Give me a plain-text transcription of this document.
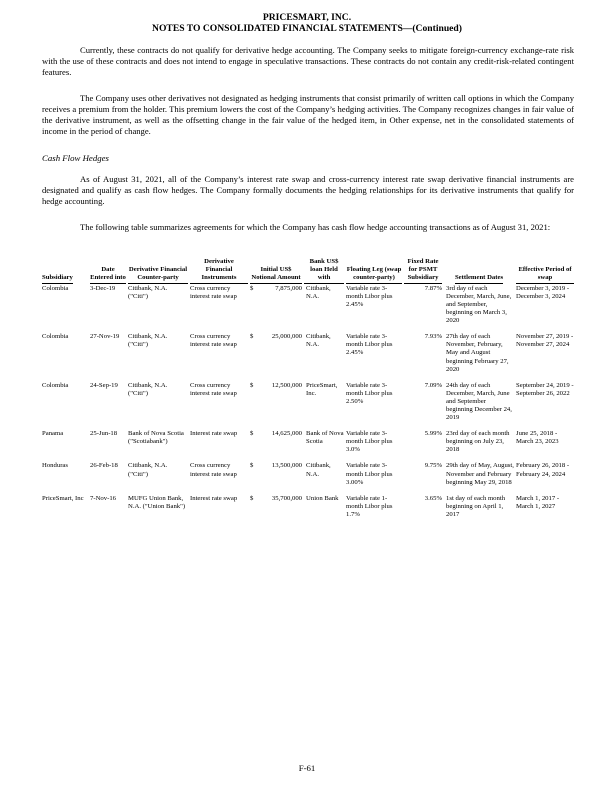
PRICESMART, INC.
NOTES TO CONSOLIDATED FINANCIAL STATEMENTS—(Continued)

Currently, these contracts do not qualify for derivative hedge accounting. The Company seeks to mitigate foreign-currency exchange-rate risk with the use of these contracts and does not intend to engage in speculative transactions. These contracts do not contain any credit-risk-related contingent features.

The Company uses other derivatives not designated as hedging instruments that consist primarily of written call options in which the Company receives a premium from the holder. This premium lowers the cost of the Company’s hedging activities. The Company recognizes changes in fair value of the derivative instrument, as well as the offsetting change in the fair value of the hedged item, in Other expense, net in the consolidated statements of income in the period of change.

Cash Flow Hedges

As of August 31, 2021, all of the Company’s interest rate swap and cross-currency interest rate swap derivative financial instruments are designated and qualify as cash flow hedges. The Company formally documents the hedging relationships for its derivative instruments that qualify for hedge accounting.

The following table summarizes agreements for which the Company has cash flow hedge accounting transactions as of August 31, 2021:

Subsidiary	Date Entered into	Derivative Financial Counter-party	Derivative Financial Instruments	Initial US$ Notional Amount		Bank US$ loan Held with	Floating Leg (swap counter-party)	Fixed Rate for PSMT Subsidiary	Settlement Dates	Effective Period of swap
Colombia	3-Dec-19	Citibank, N.A. ("Citi")	Cross currency interest rate swap	$	7,875,000	Citibank, N.A.	Variable rate 3-month Libor plus 2.45%	7.87%	3rd day of each December, March, June, and September, beginning on March 3, 2020	December 3, 2019 - December 3, 2024
Colombia	27-Nov-19	Citibank, N.A. ("Citi")	Cross currency interest rate swap	$	25,000,000	Citibank, N.A.	Variable rate 3-month Libor plus 2.45%	7.93%	27th day of each November, February, May and August beginning February 27, 2020	November 27, 2019 - November 27, 2024
Colombia	24-Sep-19	Citibank, N.A. ("Citi")	Cross currency interest rate swap	$	12,500,000	PriceSmart, Inc.	Variable rate 3-month Libor plus 2.50%	7.09%	24th day of each December, March, June and September beginning December 24, 2019	September 24, 2019 - September 26, 2022
Panama	25-Jun-18	Bank of Nova Scotia ("Scotiabank")	Interest rate swap	$	14,625,000	Bank of Nova Scotia	Variable rate 3-month Libor plus 3.0%	5.99%	23rd day of each month beginning on July 23, 2018	June 25, 2018 - March 23, 2023
Honduras	26-Feb-18	Citibank, N.A. ("Citi")	Cross currency interest rate swap	$	13,500,000	Citibank, N.A.	Variable rate 3-month Libor plus 3.00%	9.75%	29th day of May, August, November and February beginning May 29, 2018	February 26, 2018 - February 24, 2024
PriceSmart, Inc	7-Nov-16	MUFG Union Bank, N.A. ("Union Bank")	Interest rate swap	$	35,700,000	Union Bank	Variable rate 1-month Libor plus 1.7%	3.65%	1st day of each month beginning on April 1, 2017	March 1, 2017 - March 1, 2027
F-61
